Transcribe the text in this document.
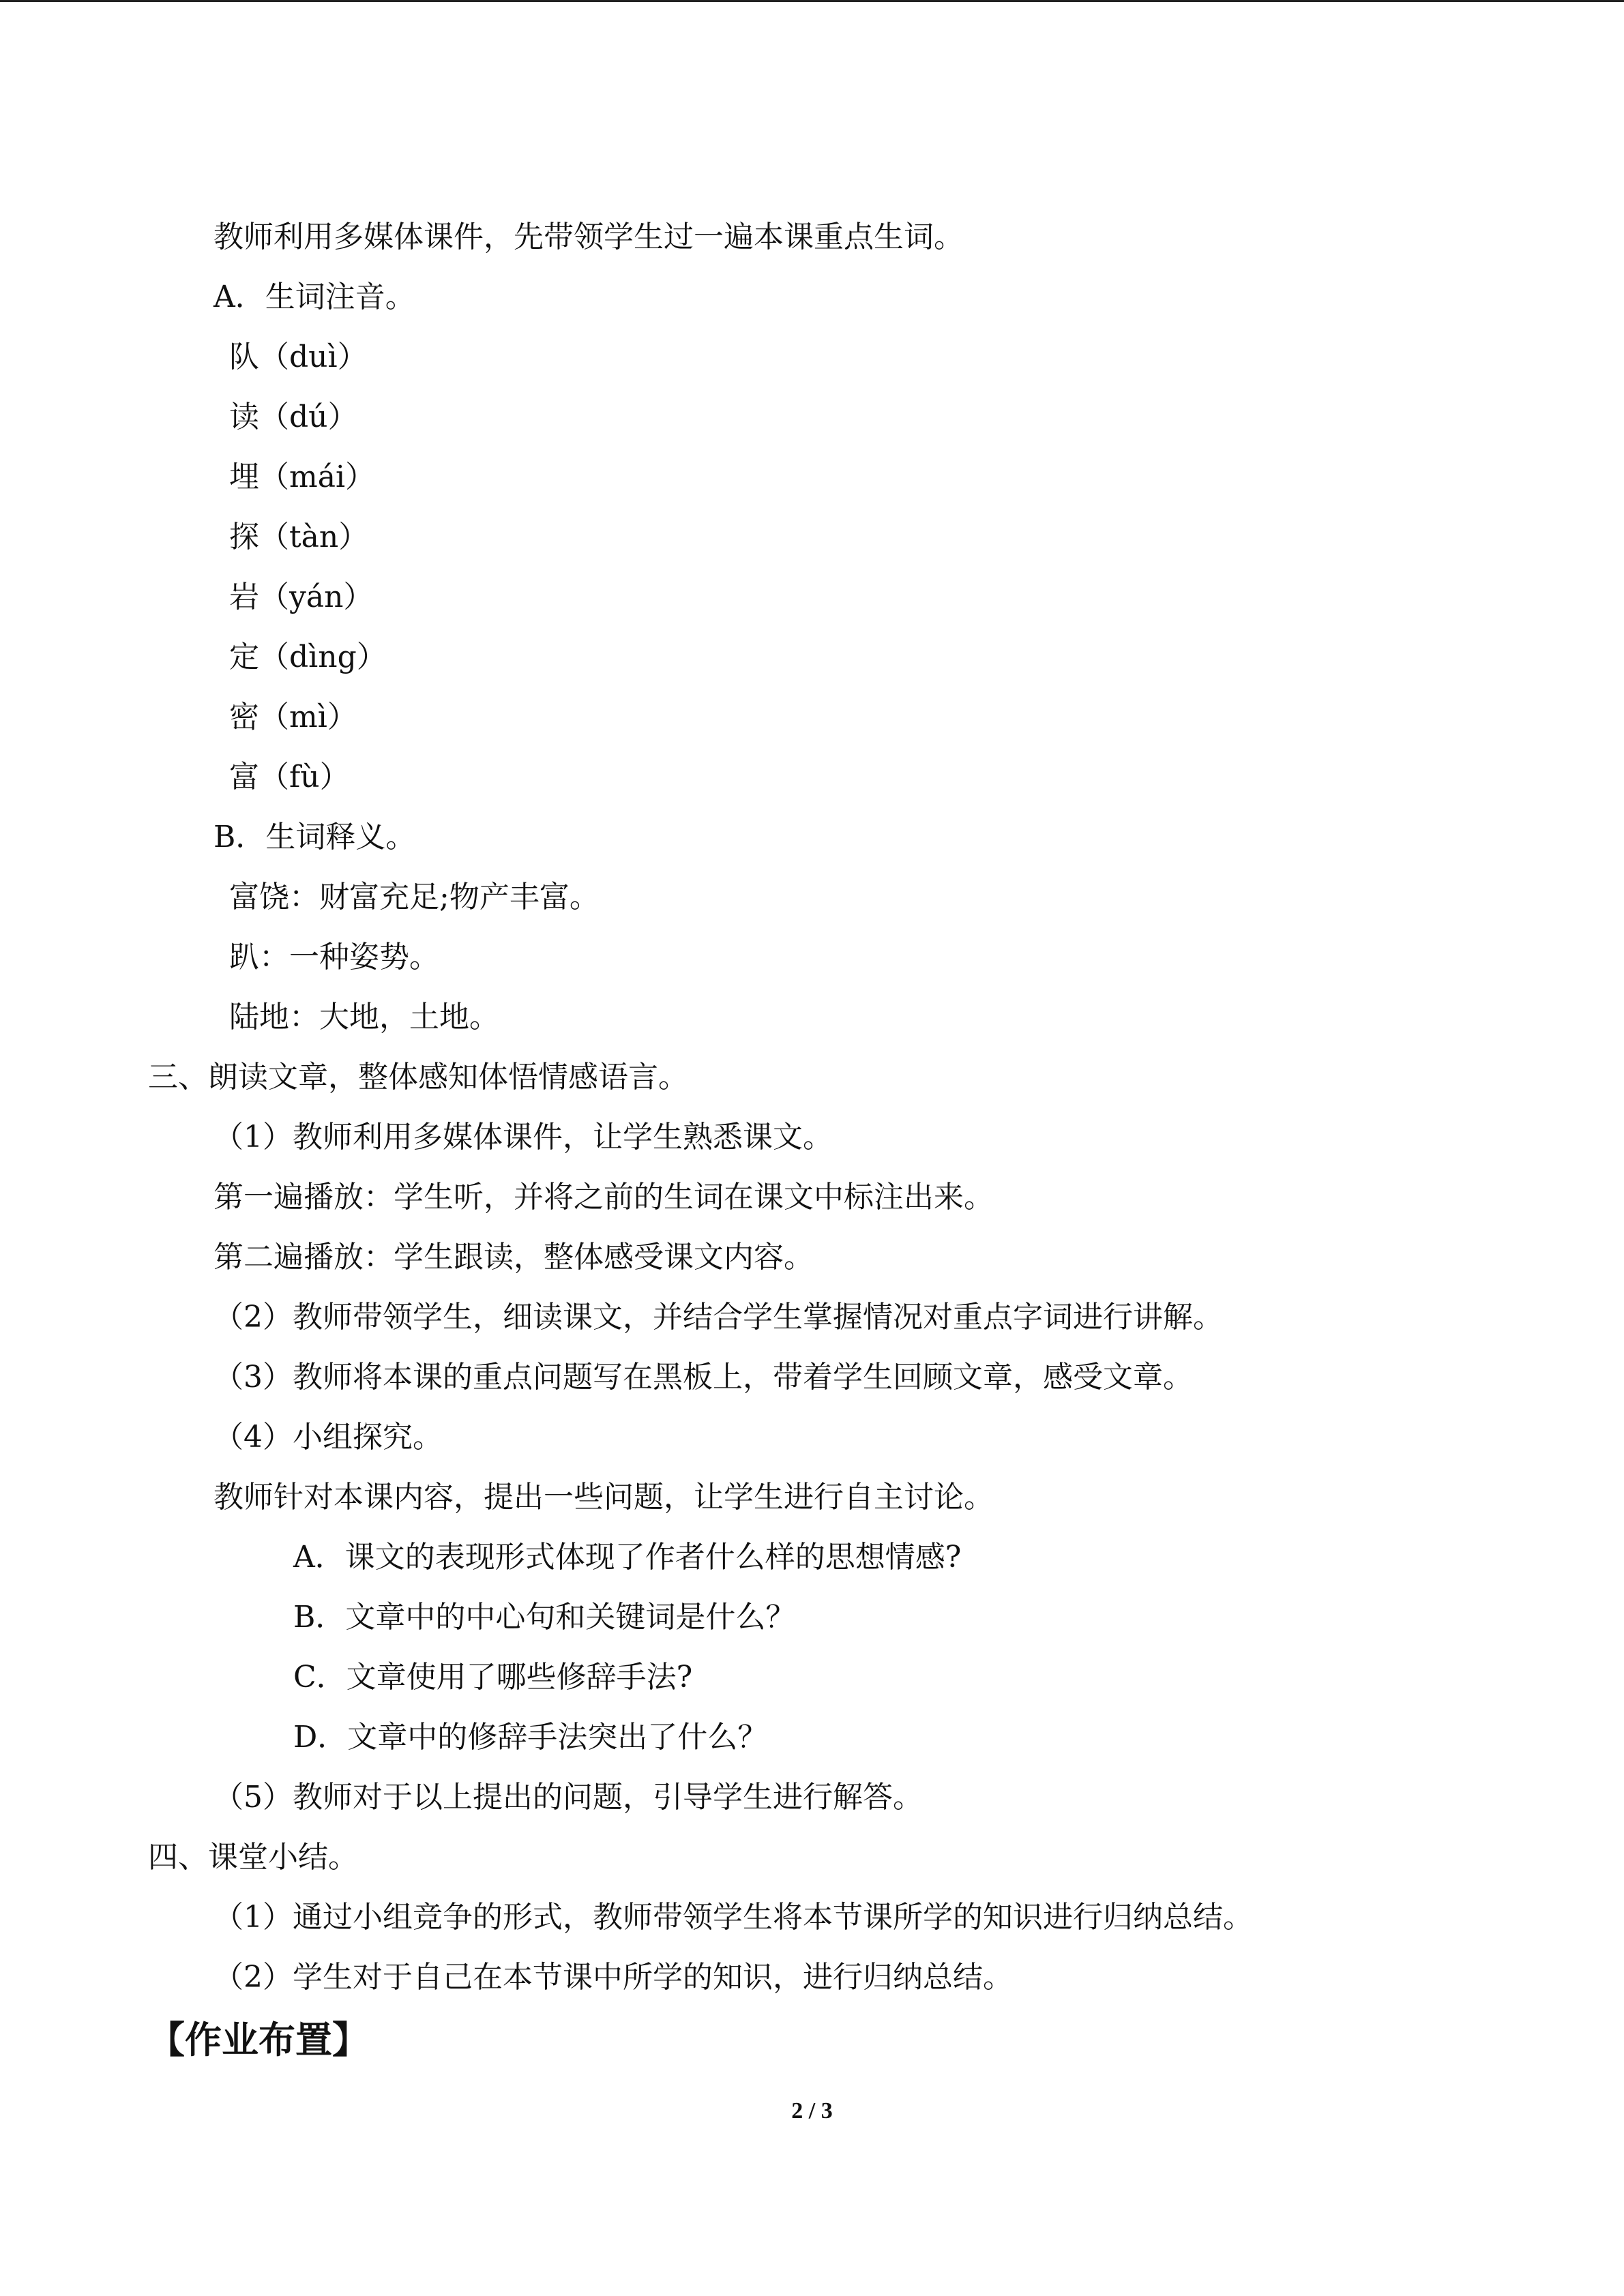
教师利用多媒体课件，先带领学生过一遍本课重点生词。
A．生词注音。
队（duì）
读（dú）
埋（mái）
探（tàn）
岩（yán）
定（dìng）
密（mì）
富（fù）
B．生词释义。
富饶：财富充足;物产丰富。
趴：一种姿势。
陆地：大地，土地。
三、朗读文章，整体感知体悟情感语言。
（1）教师利用多媒体课件，让学生熟悉课文。
第一遍播放：学生听，并将之前的生词在课文中标注出来。
第二遍播放：学生跟读，整体感受课文内容。
（2）教师带领学生，细读课文，并结合学生掌握情况对重点字词进行讲解。
（3）教师将本课的重点问题写在黑板上，带着学生回顾文章，感受文章。
（4）小组探究。
教师针对本课内容，提出一些问题，让学生进行自主讨论。
A．课文的表现形式体现了作者什么样的思想情感?
B．文章中的中心句和关键词是什么？
C．文章使用了哪些修辞手法?
D．文章中的修辞手法突出了什么？
（5）教师对于以上提出的问题，引导学生进行解答。
四、课堂小结。
（1）通过小组竞争的形式，教师带领学生将本节课所学的知识进行归纳总结。
（2）学生对于自己在本节课中所学的知识，进行归纳总结。
【作业布置】
2 / 3
